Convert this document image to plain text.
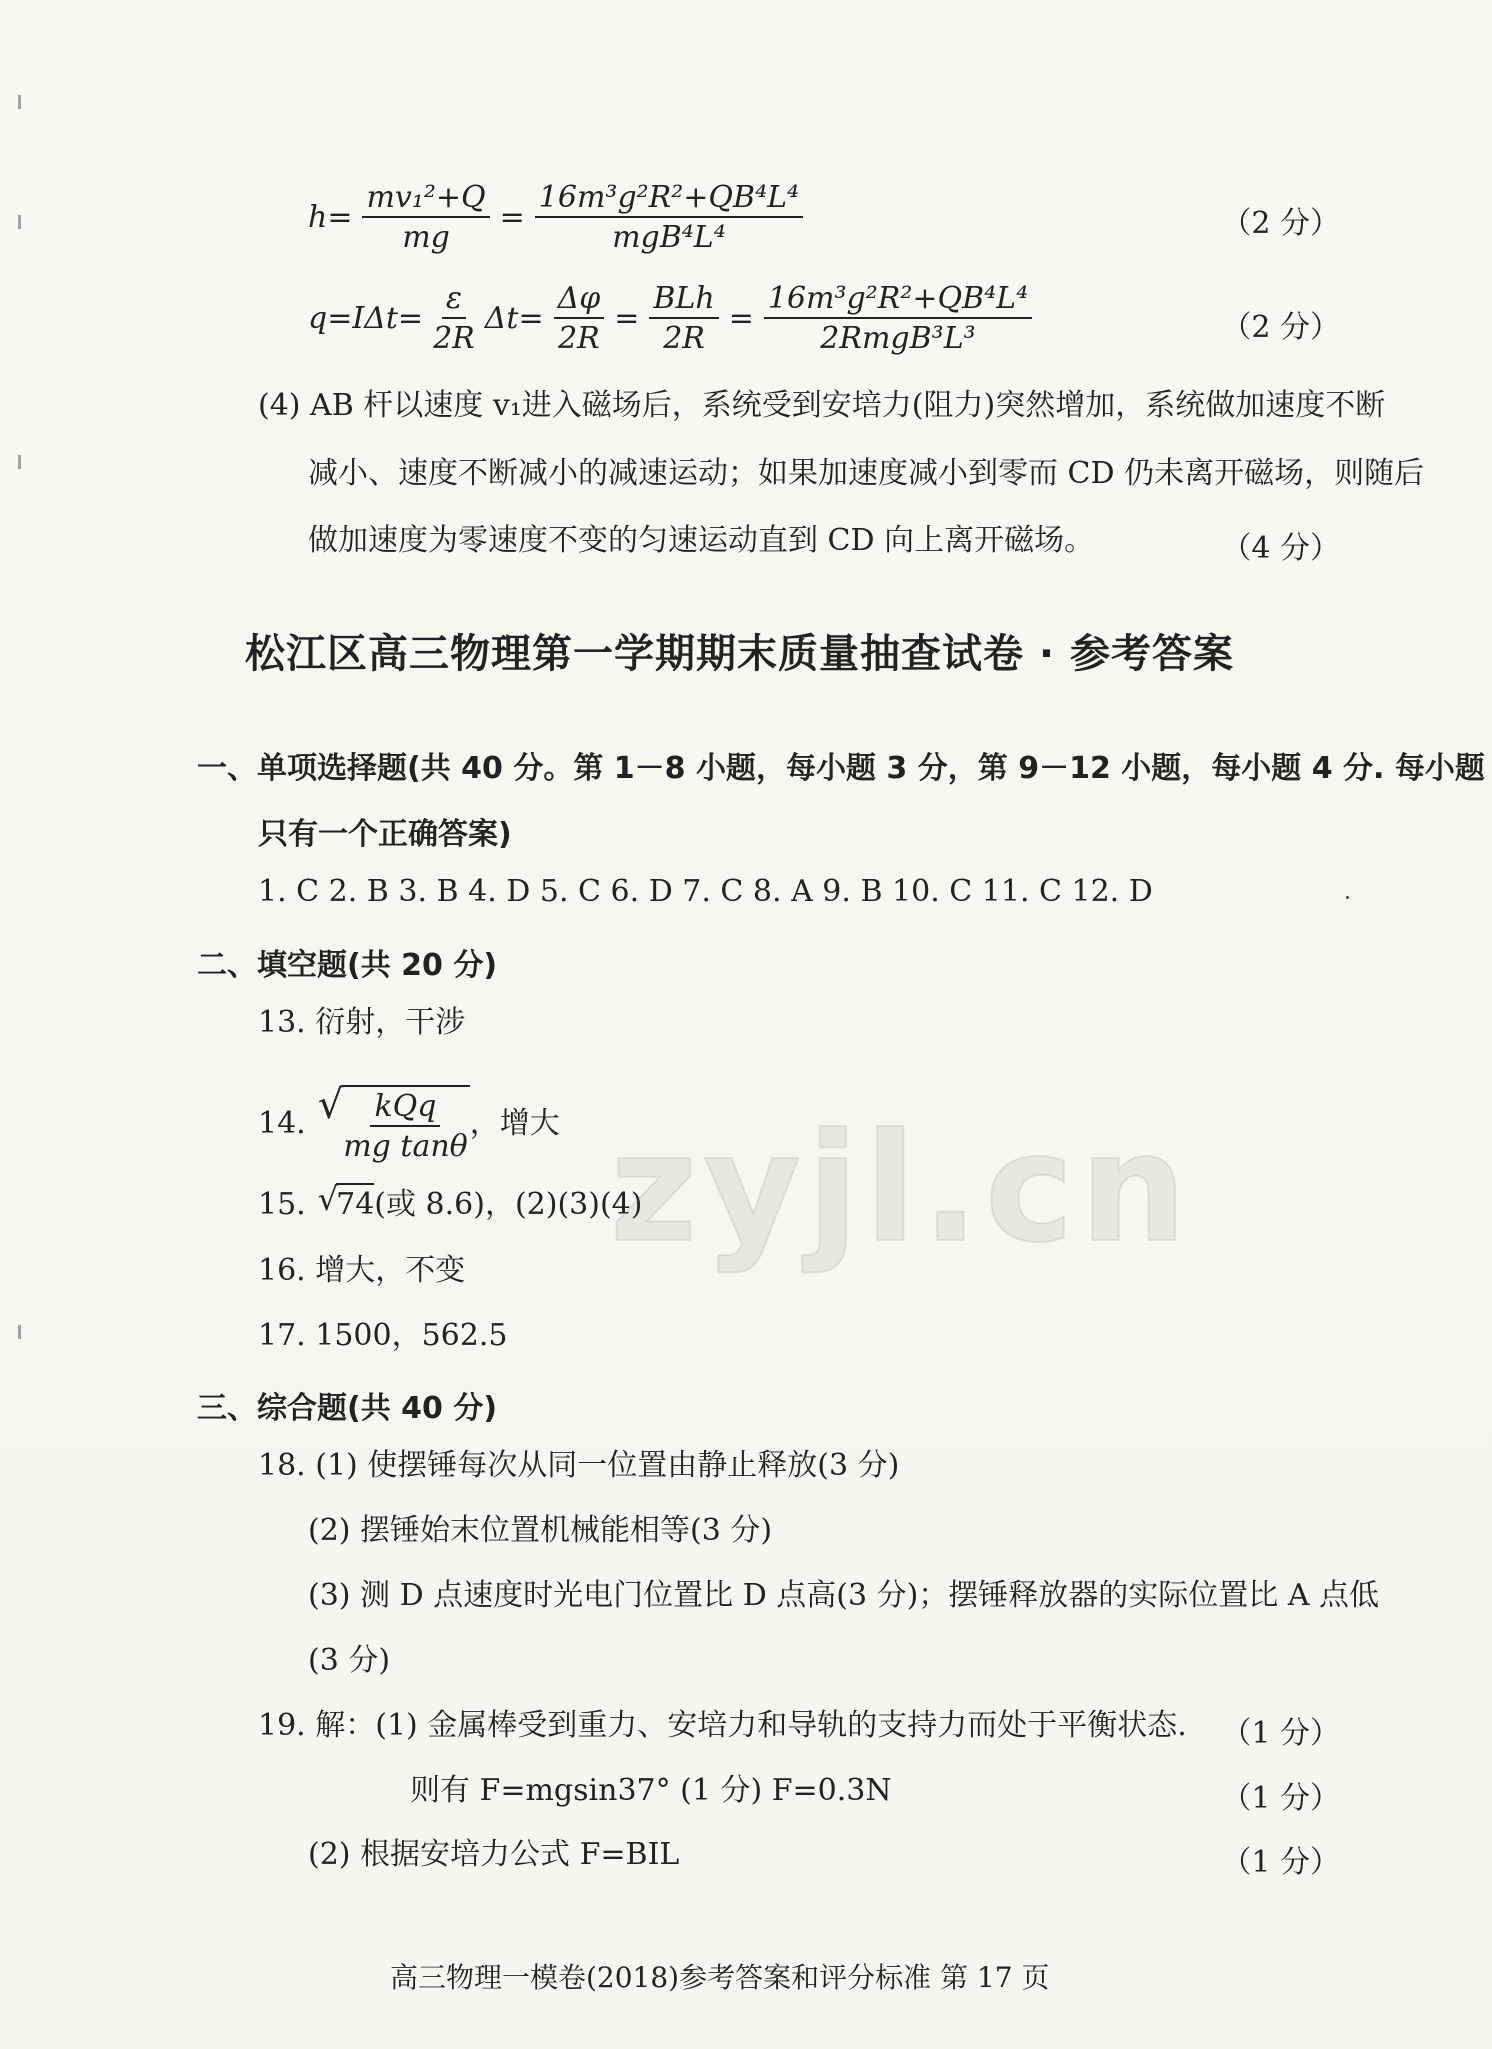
$h= \frac{\text{mv₁²+Q}}{mg} = \frac{\text{16m³g²R²+QB⁴L⁴}}{\text{mgB⁴L⁴}}$	（2 分）
$q=I\Delta t= \frac{\varepsilon}{2R} \Delta t= \frac{\Delta\varphi}{2R} = \frac{\text{BLh}}{2R} = \frac{\text{16m³g²R²+QB⁴L⁴}}{\text{2RmgB³L³}}$	（2 分）
(4) AB 杆以速度 v₁进入磁场后，系统受到安培力(阻力)突然增加，系统做加速度不断
减小、速度不断减小的减速运动；如果加速度减小到零而 CD 仍未离开磁场，则随后
做加速度为零速度不变的匀速运动直到 CD 向上离开磁场。	（4 分）
松江区高三物理第一学期期末质量抽查试卷 · 参考答案
一、单项选择题(共 40 分。第 1－8 小题，每小题 3 分，第 9－12 小题，每小题 4 分. 每小题
只有一个正确答案)
1. C 2. B 3. B 4. D 5. C 6. D 7. C 8. A 9. B 10. C 11. C 12. D
二、填空题(共 20 分)
13. 衍射，干涉
14. √ $\frac{\text{kQq}}{\text{mg tanθ}}$ ，增大
15. √
74 (或 8.6)，(2)(3)(4)
16. 增大，不变
17. 1500，562.5
三、综合题(共 40 分)
18. (1) 使摆锤每次从同一位置由静止释放(3 分)
(2) 摆锤始末位置机械能相等(3 分)
(3) 测 D 点速度时光电门位置比 D 点高(3 分)；摆锤释放器的实际位置比 A 点低
(3 分)
19. 解：(1) 金属棒受到重力、安培力和导轨的支持力而处于平衡状态. （1 分）
则有 F=mgsin37° (1 分) F=0.3N	（1 分）
(2) 根据安培力公式 F=BIL	（1 分）
zyjl.cn
高三物理一模卷(2018)参考答案和评分标准 第 17 页
